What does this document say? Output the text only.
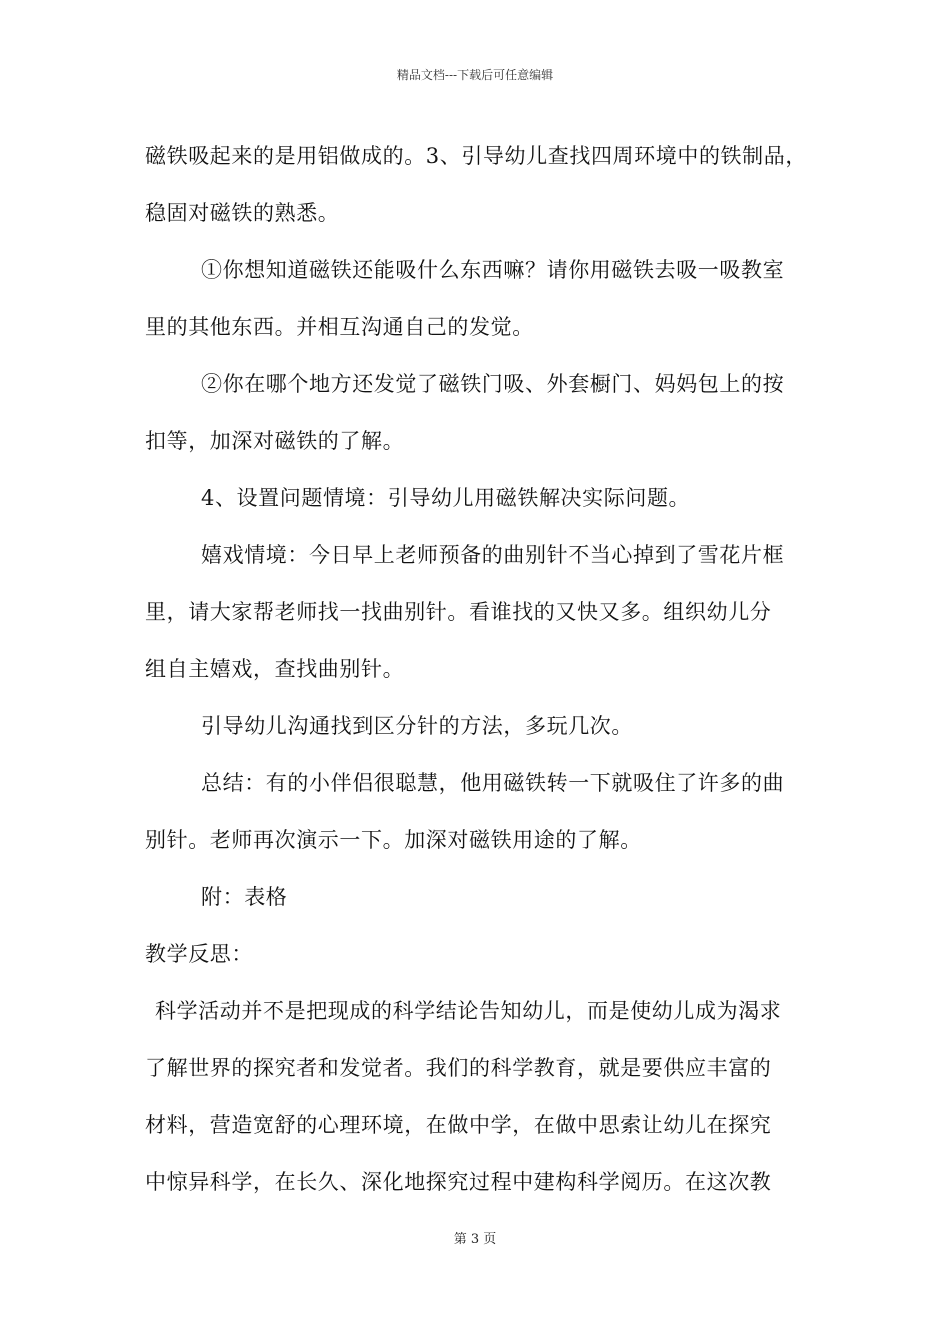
精品文档---下载后可任意编辑
磁铁吸起来的是用铝做成的。3、引导幼儿查找四周环境中的铁制品，
稳固对磁铁的熟悉。
①你想知道磁铁还能吸什么东西嘛？请你用磁铁去吸一吸教室
里的其他东西。并相互沟通自己的发觉。
②你在哪个地方还发觉了磁铁门吸、外套橱门、妈妈包上的按
扣等，加深对磁铁的了解。
4、设置问题情境：引导幼儿用磁铁解决实际问题。
嬉戏情境：今日早上老师预备的曲别针不当心掉到了雪花片框
里，请大家帮老师找一找曲别针。看谁找的又快又多。组织幼儿分
组自主嬉戏，查找曲别针。
引导幼儿沟通找到区分针的方法，多玩几次。
总结：有的小伴侣很聪慧，他用磁铁转一下就吸住了许多的曲
别针。老师再次演示一下。加深对磁铁用途的了解。
附：表格
教学反思：
科学活动并不是把现成的科学结论告知幼儿，而是使幼儿成为渴求
了解世界的探究者和发觉者。我们的科学教育，就是要供应丰富的
材料，营造宽舒的心理环境，在做中学，在做中思索让幼儿在探究
中惊异科学，在长久、深化地探究过程中建构科学阅历。在这次教
第 3 页
